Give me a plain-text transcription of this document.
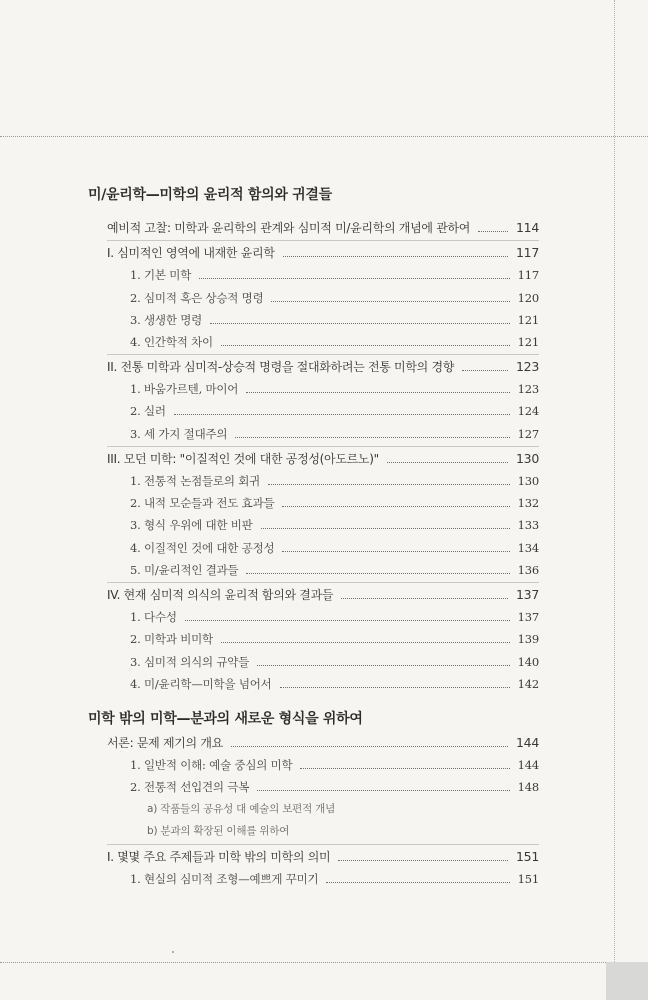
미/윤리학—미학의 윤리적 함의와 귀결들
예비적 고찰: 미학과 윤리학의 관계와 심미적 미/윤리학의 개념에 관하여	114
I. 심미적인 영역에 내재한 윤리학	117
1. 기본 미학	117
2. 심미적 혹은 상승적 명령	120
3. 생생한 명령	121
4. 인간학적 차이	121
II. 전통 미학과 심미적-상승적 명령을 절대화하려는 전통 미학의 경향	123
1. 바움가르텐, 마이어	123
2. 실러	124
3. 세 가지 절대주의	127
III. 모던 미학: "이질적인 것에 대한 공정성(아도르노)"	130
1. 전통적 논점들로의 회귀	130
2. 내적 모순들과 전도 효과들	132
3. 형식 우위에 대한 비판	133
4. 이질적인 것에 대한 공정성	134
5. 미/윤리적인 결과들	136
IV. 현재 심미적 의식의 윤리적 함의와 결과들	137
1. 다수성	137
2. 미학과 비미학	139
3. 심미적 의식의 규약들	140
4. 미/윤리학—미학을 넘어서	142
미학 밖의 미학—분과의 새로운 형식을 위하여
서론: 문제 제기의 개요	144
1. 일반적 이해: 예술 중심의 미학	144
2. 전통적 선입견의 극복	148
a) 작품들의 공유성 대 예술의 보편적 개념
b) 분과의 확장된 이해를 위하여
I. 몇몇 주요 주제들과 미학 밖의 미학의 의미	151
1. 현실의 심미적 조형—예쁘게 꾸미기	151
